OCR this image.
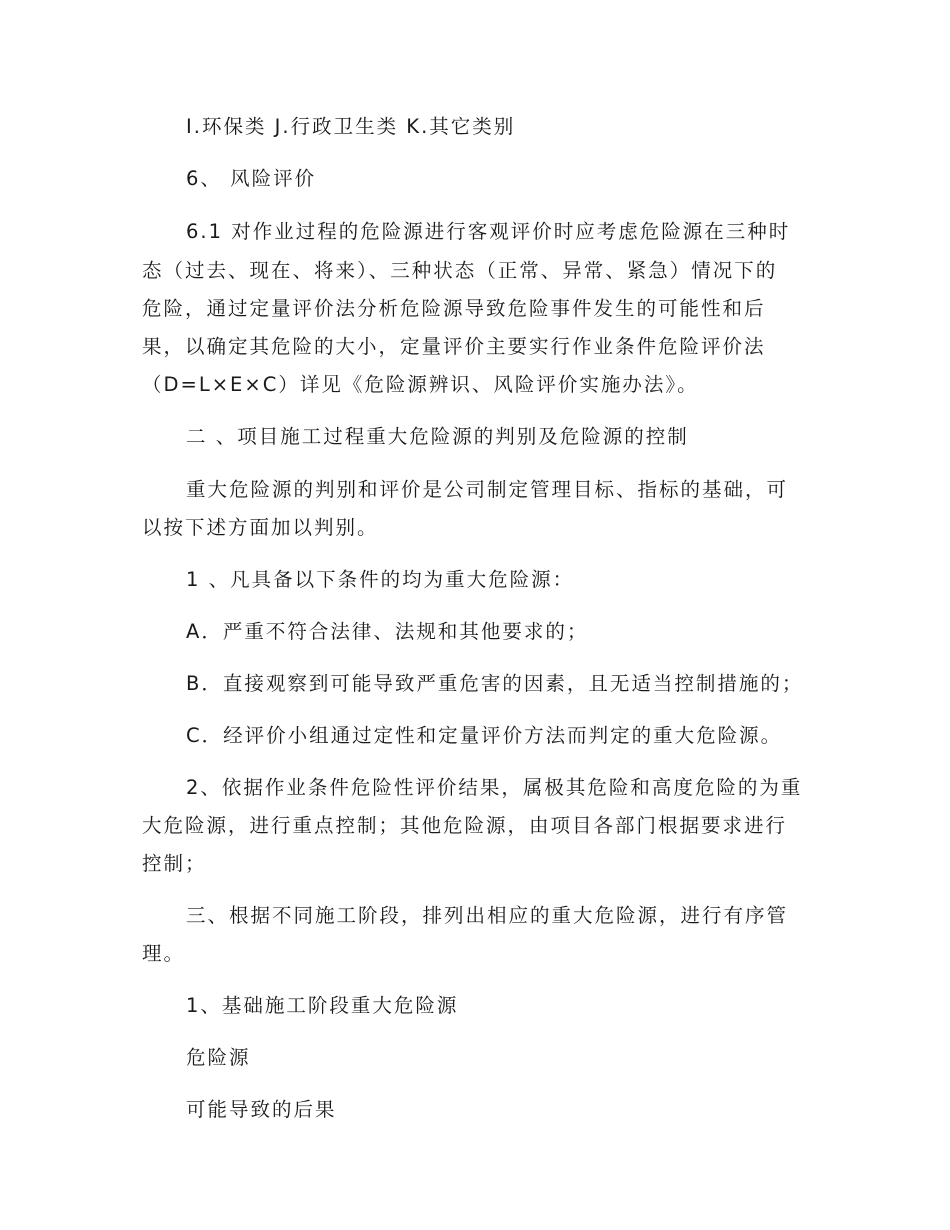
I.环保类 J.行政卫生类 K.其它类别
6、 风险评价
6.1 对作业过程的危险源进行客观评价时应考虑危险源在三种时
态（过去、现在、将来）、三种状态（正常、异常、紧急）情况下的
危险，通过定量评价法分析危险源导致危险事件发生的可能性和后
果，以确定其危险的大小，定量评价主要实行作业条件危险评价法
（D=L×E×C）详见《危险源辨识、风险评价实施办法》。
二 、项目施工过程重大危险源的判别及危险源的控制
重大危险源的判别和评价是公司制定管理目标、指标的基础，可
以按下述方面加以判别。
1 、凡具备以下条件的均为重大危险源：
A．严重不符合法律、法规和其他要求的；
B．直接观察到可能导致严重危害的因素，且无适当控制措施的；
C．经评价小组通过定性和定量评价方法而判定的重大危险源。
2、依据作业条件危险性评价结果，属极其危险和高度危险的为重
大危险源，进行重点控制；其他危险源，由项目各部门根据要求进行
控制；
三、根据不同施工阶段，排列出相应的重大危险源，进行有序管
理。
1、基础施工阶段重大危险源
危险源
可能导致的后果
